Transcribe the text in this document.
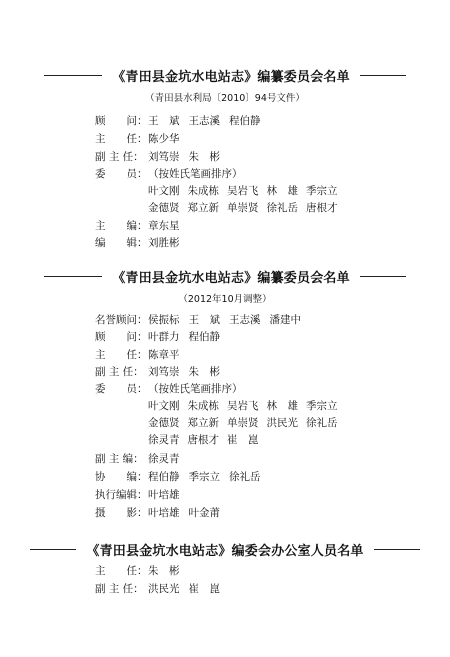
《青田县金坑水电站志》编纂委员会名单
（青田县水利局〔2010〕94号文件）
顾　　问：王　斌 王志溪 程伯静
主　　任：陈少华
副 主 任： 刘笃崇 朱　彬
委　　员：（按姓氏笔画排序）
叶文刚 朱成栋 吴岩飞 林　雄 季宗立
金德贤 郑立新 单崇贤 徐礼岳 唐根才
主　　编：章东星
编　　辑：刘胜彬
《青田县金坑水电站志》编纂委员会名单
（2012年10月调整）
名誉顾问：侯振标 王　斌 王志溪 潘建中
顾　　问：叶群力 程伯静
主　　任：陈章平
副 主 任： 刘笃崇 朱　彬
委　　员：（按姓氏笔画排序）
叶文刚 朱成栋 吴岩飞 林　雄 季宗立
金德贤 郑立新 单崇贤 洪民光 徐礼岳
徐灵青 唐根才 崔　崑
副 主 编： 徐灵青
协　　编：程伯静 季宗立 徐礼岳
执行编辑：叶培雄
摄　　影：叶培雄 叶金莆
《青田县金坑水电站志》编委会办公室人员名单
主　　任：朱　彬
副 主 任： 洪民光 崔　崑
